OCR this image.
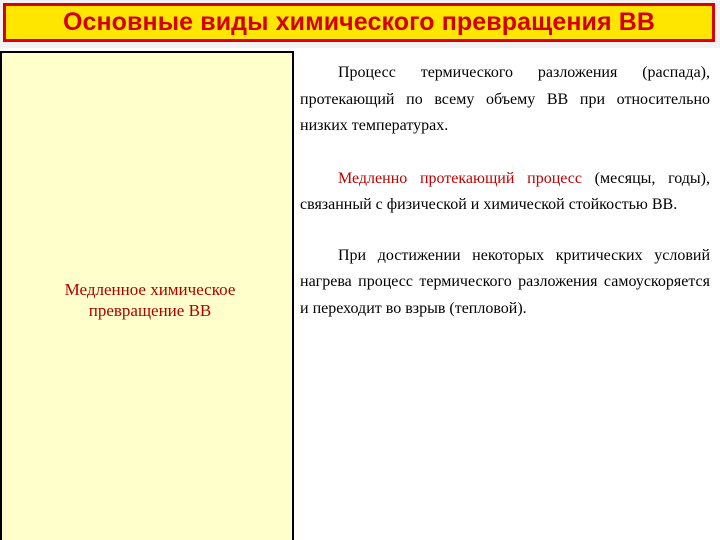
Основные виды химического превращения ВВ
Медленное химическое превращение ВВ

Процесс термического разложения (распада), протекающий по всему объему ВВ при относительно низких температурах.

Медленно протекающий процесс (месяцы, годы), связанный с физической и химической стойкостью ВВ.

При достижении некоторых критических условий нагрева процесс термического разложения самоускоряется и переходит во взрыв (тепловой).
